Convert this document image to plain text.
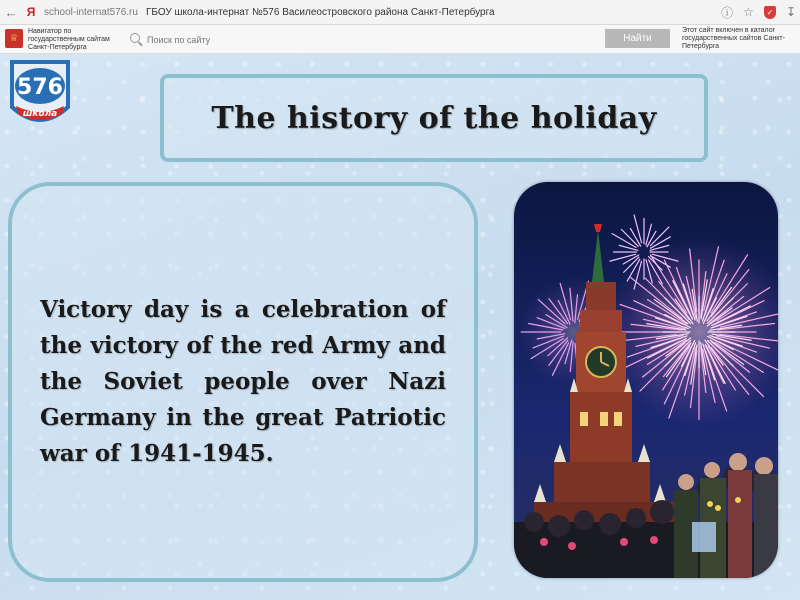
← Я school-internat576.ru ГБОУ школа-интернат №576 Василеостровского района Санкт-Петербурга	ⓘ ☆	✓ ↧
♕
Навигатор по государственным сайтам Санкт-Петербурга
Поиск по сайту
Найти
Этот сайт включен в каталог государственных сайтов Санкт-Петербурга
576
школа	The history of the holiday
Victory day is a celebration of the victory of the red Army and the Soviet people over Nazi Germany in the great Patriotic war of 1941-1945.
